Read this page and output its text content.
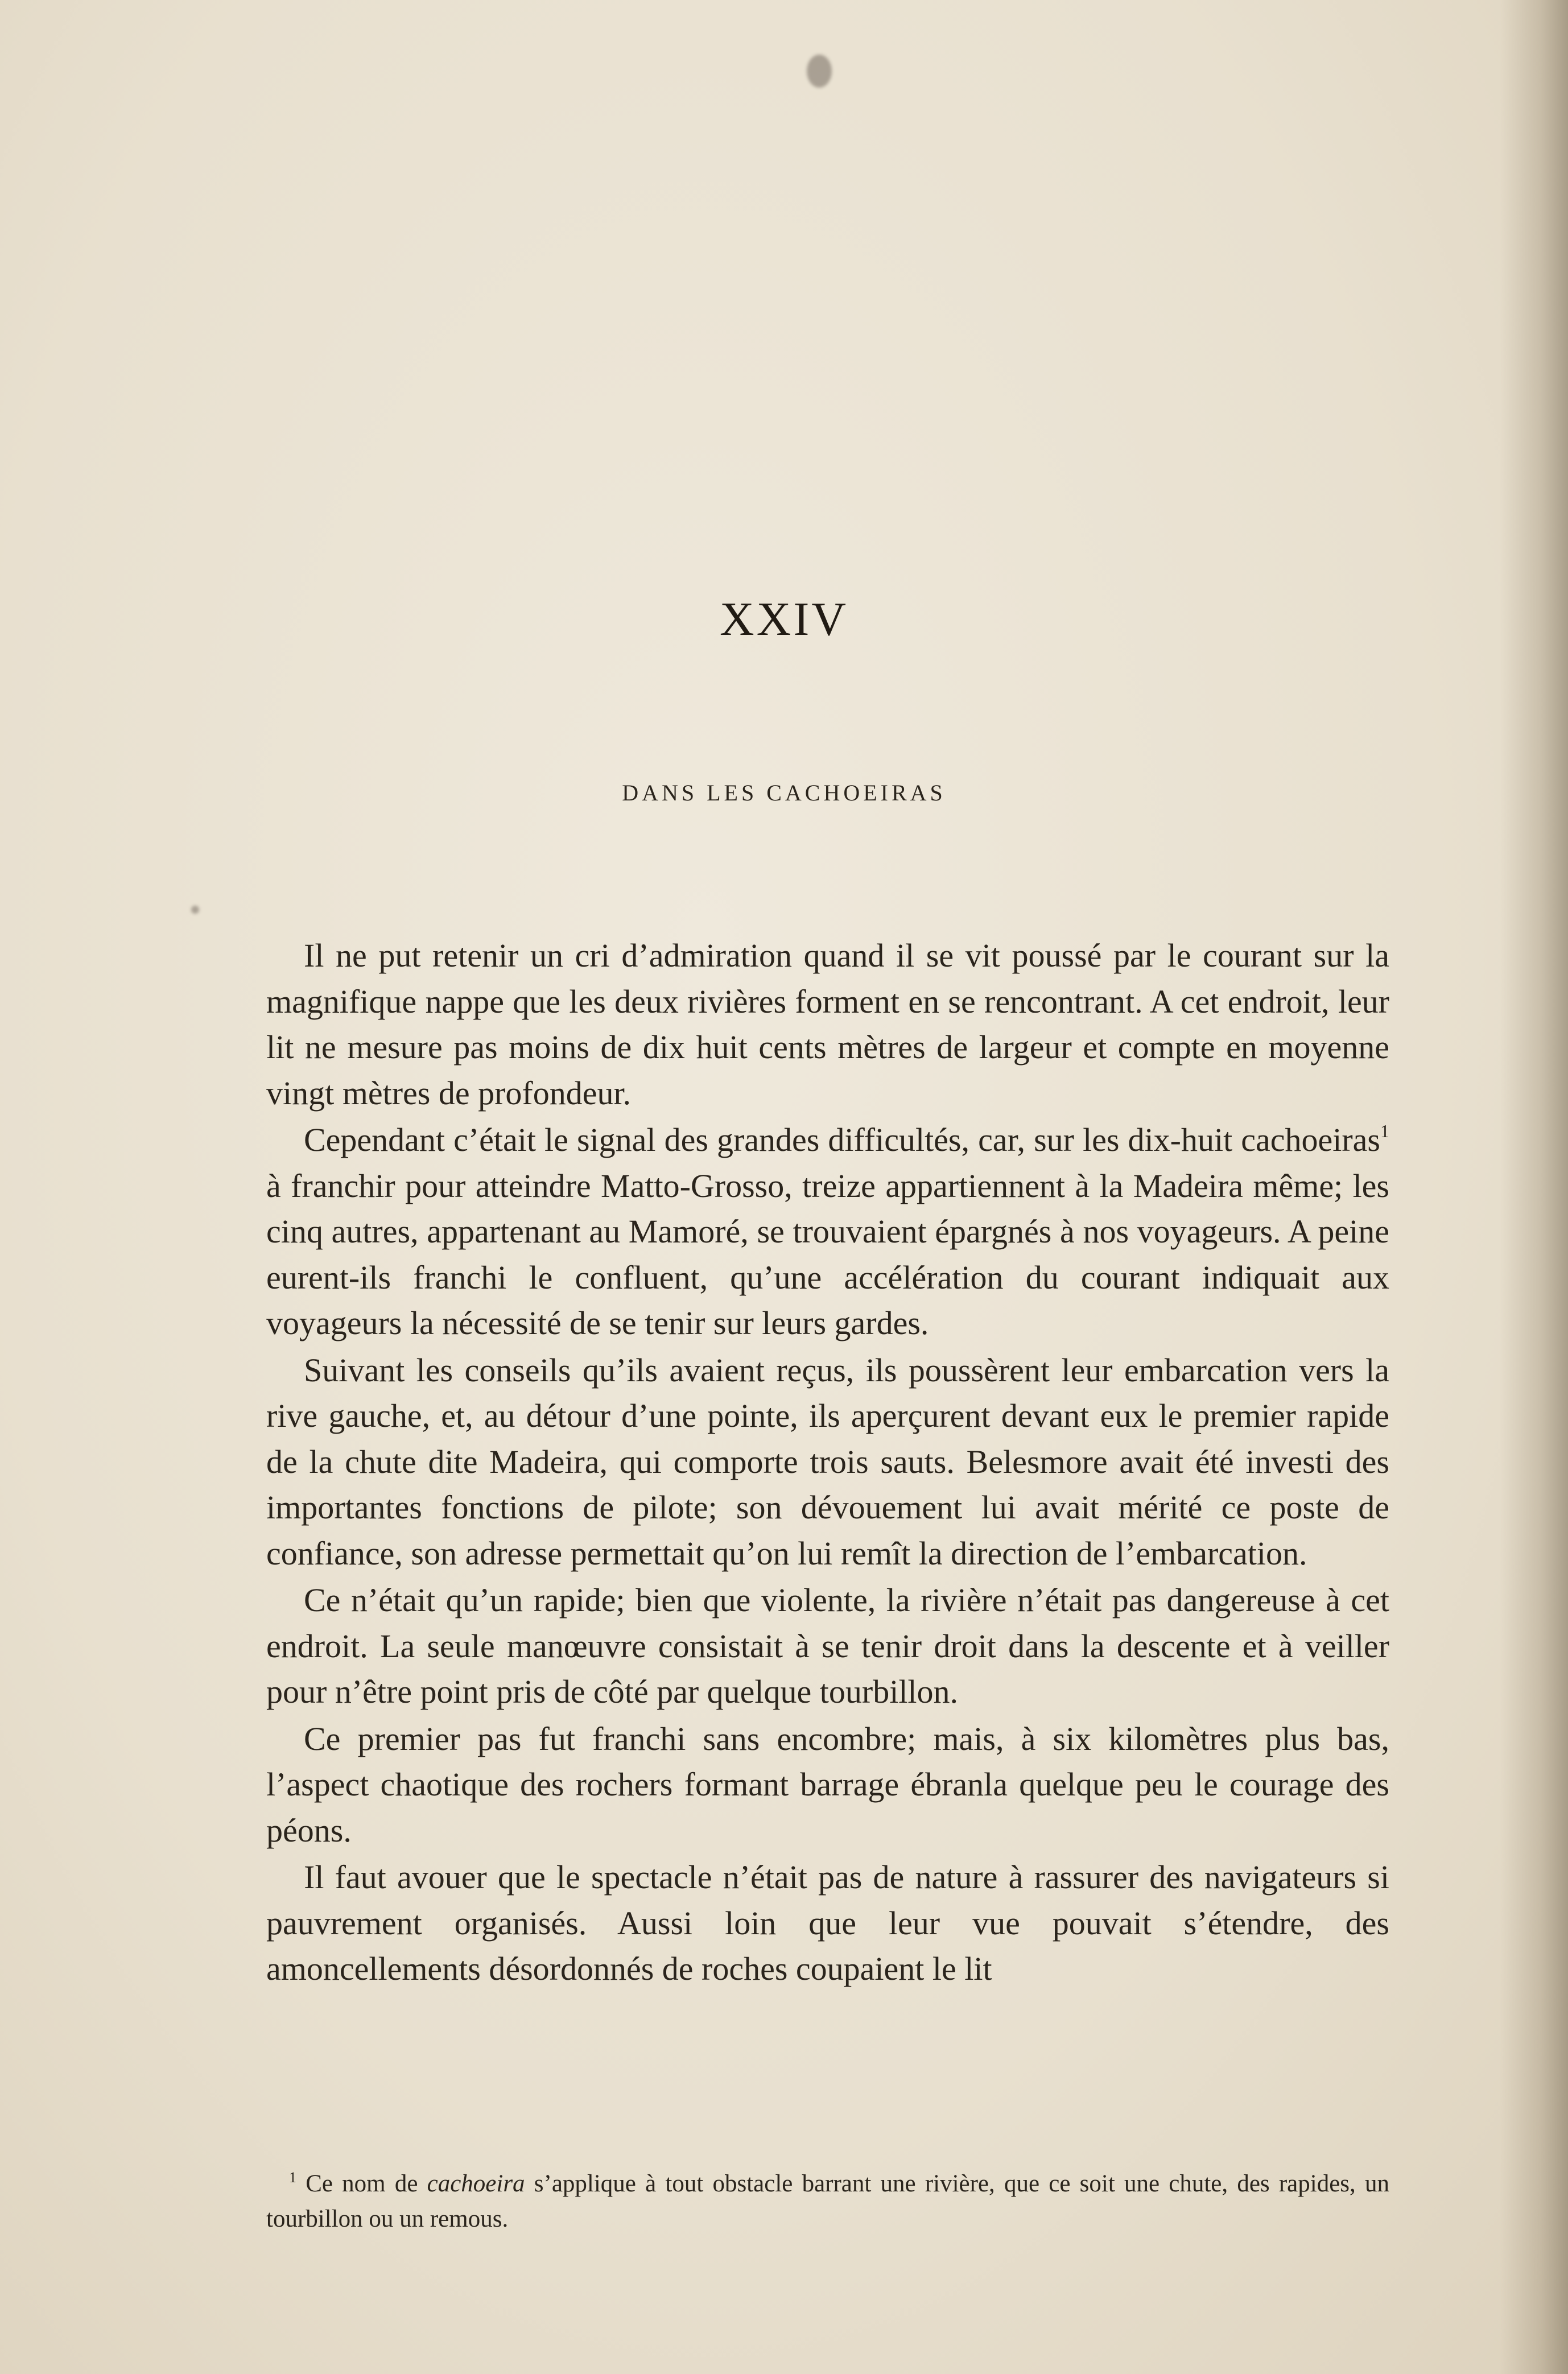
XXIV
DANS LES CACHOEIRAS

Il ne put retenir un cri d’admiration quand il se vit poussé par le courant sur la magnifique nappe que les deux rivières forment en se rencontrant. A cet endroit, leur lit ne mesure pas moins de dix huit cents mètres de largeur et compte en moyenne vingt mètres de profondeur.

Cependant c’était le signal des grandes difficultés, car, sur les dix-huit cachoeiras$^1$ à franchir pour atteindre Matto-Grosso, treize appartiennent à la Madeira même; les cinq autres, appartenant au Mamoré, se trouvaient épargnés à nos voyageurs. A peine eurent-ils franchi le confluent, qu’une accélération du courant indiquait aux voyageurs la nécessité de se tenir sur leurs gardes.

Suivant les conseils qu’ils avaient reçus, ils poussèrent leur embarcation vers la rive gauche, et, au détour d’une pointe, ils aperçurent devant eux le premier rapide de la chute dite Madeira, qui comporte trois sauts. Belesmore avait été investi des importantes fonctions de pilote; son dévouement lui avait mérité ce poste de confiance, son adresse permettait qu’on lui remît la direction de l’embarcation.

Ce n’était qu’un rapide; bien que violente, la rivière n’était pas dangereuse à cet endroit. La seule manœuvre consistait à se tenir droit dans la descente et à veiller pour n’être point pris de côté par quelque tourbillon.

Ce premier pas fut franchi sans encombre; mais, à six kilomètres plus bas, l’aspect chaotique des rochers formant barrage ébranla quelque peu le courage des péons.

Il faut avouer que le spectacle n’était pas de nature à rassurer des navigateurs si pauvrement organisés. Aussi loin que leur vue pouvait s’étendre, des amoncellements désordonnés de roches coupaient le lit

$^1$ Ce nom de cachoeira s’applique à tout obstacle barrant une rivière, que ce soit une chute, des rapides, un tourbillon ou un remous.
